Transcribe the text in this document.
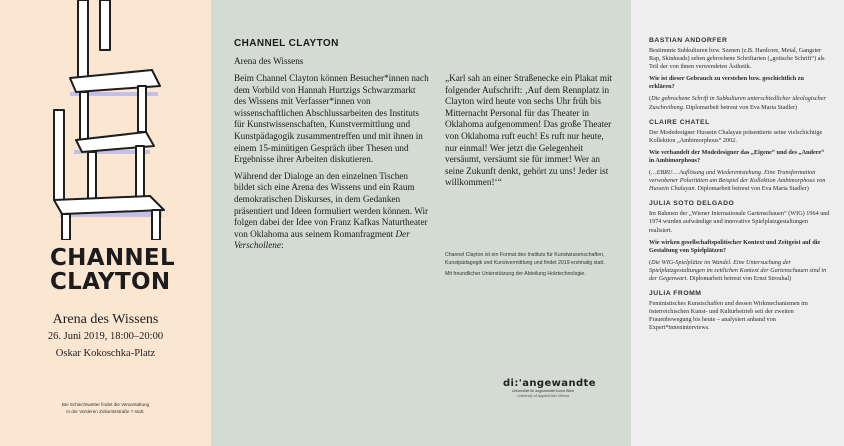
CHANNEL
CLAYTON
Arena des Wissens
26. Juni 2019, 18:00–20:00
Oskar Kokoschka-Platz
Bei Schlechtwetter findet die Veranstaltung
in der Vorderen Zollamtsstraße 7 statt.
CHANNEL CLAYTON
Arena des Wissens

Beim Channel Clayton können Besucher*innen nach dem Vorbild von Hannah Hurtzigs Schwarzmarkt des Wissens mit Verfasser*innen von wissenschaftlichen Abschlussarbeiten des Instituts für Kunstwissenschaften, Kunstvermittlung und Kunstpädagogik zusammentreffen und mit ihnen in einem 15-minütigen Gespräch über Thesen und Ergebnisse ihrer Arbeiten diskutieren.

Während der Dialoge an den einzelnen Tischen bildet sich eine Arena des Wissens und ein Raum demokratischen Diskurses, in dem Gedanken präsentiert und Ideen formuliert werden können. Wir folgen dabei der Idee von Franz Kafkas Naturtheater von Oklahoma aus seinem Romanfragment Der Verschollene:

„Karl sah an einer Straßenecke ein Plakat mit folgender Aufschrift: ‚Auf dem Rennplatz in Clayton wird heute von sechs Uhr früh bis Mitternacht Personal für das Theater in Oklahoma aufgenommen! Das große Theater von Oklahoma ruft euch! Es ruft nur heute, nur einmal! Wer jetzt die Gelegenheit versäumt, versäumt sie für immer! Wer an seine Zukunft denkt, gehört zu uns! Jeder ist willkommen!‘“

Channel Clayton ist ein Format des Instituts für Kunstwissenschaften, Kunstpädagogik und Kunstvermittlung und findet 2019 erstmalig statt.

Mit freundlicher Unterstützung der Abteilung Holztechnologie.

di:'angewandte
Universität für angewandte Kunst Wien
University of Applied Arts Vienna
BASTIAN ANDORFER
Bestimmte Subkulturen bzw. Szenen (z.B. Hardcore, Metal, Gangster Rap, Skinheads) sehen gebrochene Schriftarten („gotische Schrift“) als Teil der von ihnen verwendeten Ästhetik.
Wie ist dieser Gebrauch zu verstehen bzw. geschichtlich zu erklären?
(Die gebrochene Schrift in Subkulturen unterschiedlicher ideologischer Zuschreibung. Diplomarbeit betreut von Eva Maria Stadler)
CLAIRE CHATEL
Der Modedesigner Hussein Chalayan präsentierte seine vielschichtige Kollektion „Ambimorphous“ 2002.
Wie verhandelt der Modedesigner das „Eigene“ und des „Andere“ in Ambimorphous?
(…EBRU… Auflösung und Wiederentstehung. Eine Transformation verwobener Polaritäten am Beispiel der Kollektion Ambimorphous von Hussein Chalayan. Diplomarbeit betreut von Eva Maria Stadler)
JULIA SOTO DELGADO
Im Rahmen der „Wiener Internationale Gartenschauen“ (WIG) 1964 und 1974 wurden aufwändige und innovative Spielplatzgestaltungen realisiert.
Wie wirken gesellschaftspolitischer Kontext und Zeitgeist auf die Gestaltung von Spielplätzen?
(Die WIG-Spielplätze im Wandel. Eine Untersuchung der Spielplatzgestaltungen im zeitlichen Kontext der Gartenschauen sind in der Gegenwart. Diplomarbeit betreut von Ernst Strouhal)
JULIA FROMM
Feministisches Kunstschaffen und dessen Wirkmechanismen im österreichischen Kunst- und Kulturbetrieb seit der zweiten Frauenbewegung bis heute – analysiert anhand von Expert*inneninterviews.
